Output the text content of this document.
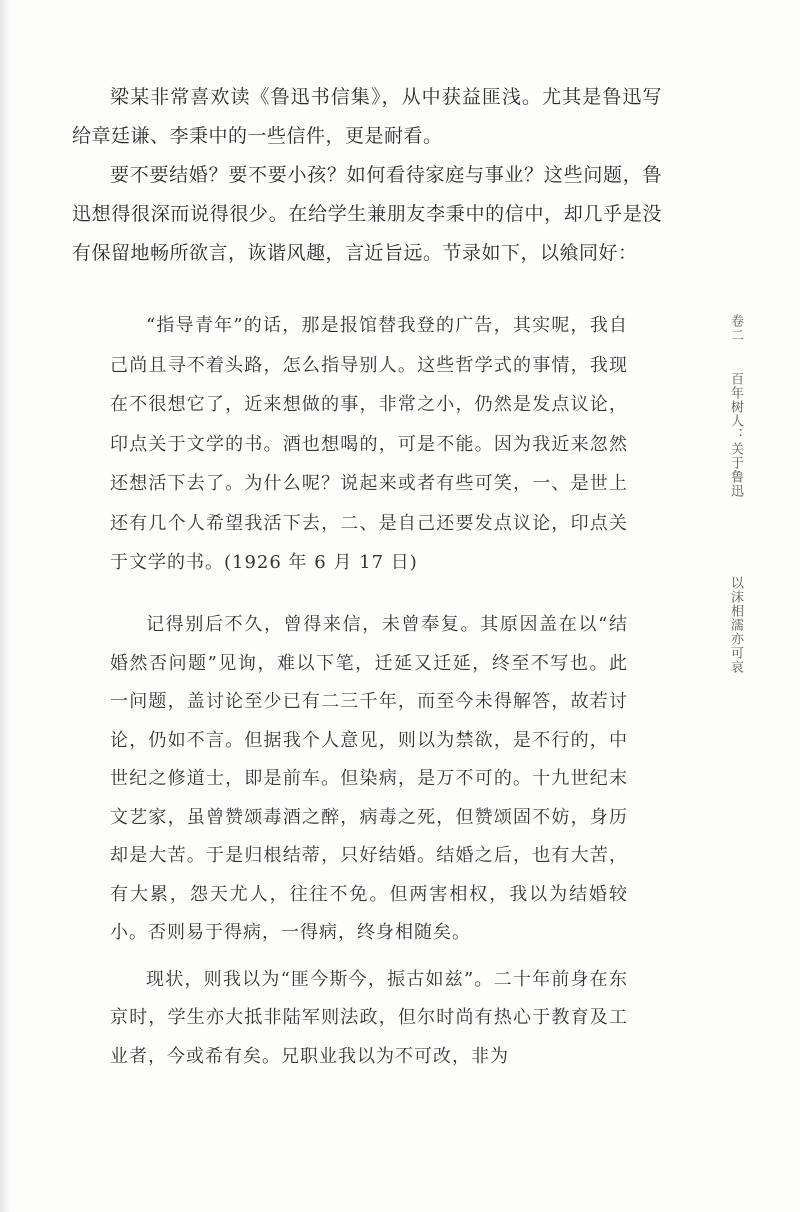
梁某非常喜欢读《鲁迅书信集》，从中获益匪浅。尤其是鲁迅写给章廷谦、李秉中的一些信件，更是耐看。

要不要结婚？要不要小孩？如何看待家庭与事业？这些问题，鲁迅想得很深而说得很少。在给学生兼朋友李秉中的信中，却几乎是没有保留地畅所欲言，诙谐风趣，言近旨远。节录如下，以飨同好：

“指导青年”的话，那是报馆替我登的广告，其实呢，我自己尚且寻不着头路，怎么指导别人。这些哲学式的事情，我现在不很想它了，近来想做的事，非常之小，仍然是发点议论，印点关于文学的书。酒也想喝的，可是不能。因为我近来忽然还想活下去了。为什么呢？说起来或者有些可笑，一、是世上还有几个人希望我活下去，二、是自己还要发点议论，印点关于文学的书。(1926 年 6 月 17 日)

记得别后不久，曾得来信，未曾奉复。其原因盖在以“结婚然否问题”见询，难以下笔，迁延又迁延，终至不写也。此一问题，盖讨论至少已有二三千年，而至今未得解答，故若讨论，仍如不言。但据我个人意见，则以为禁欲，是不行的，中世纪之修道士，即是前车。但染病，是万不可的。十九世纪末文艺家，虽曾赞颂毒酒之醉，病毒之死，但赞颂固不妨，身历却是大苦。于是归根结蒂，只好结婚。结婚之后，也有大苦，有大累，怨天尤人，往往不免。但两害相权，我以为结婚较小。否则易于得病，一得病，终身相随矣。

现状，则我以为“匪今斯今，振古如兹”。二十年前身在东京时，学生亦大抵非陆军则法政，但尔时尚有热心于教育及工业者，今或希有矣。兄职业我以为不可改，非为

卷二
百年树人：关于鲁迅
以沫相濡亦可哀
